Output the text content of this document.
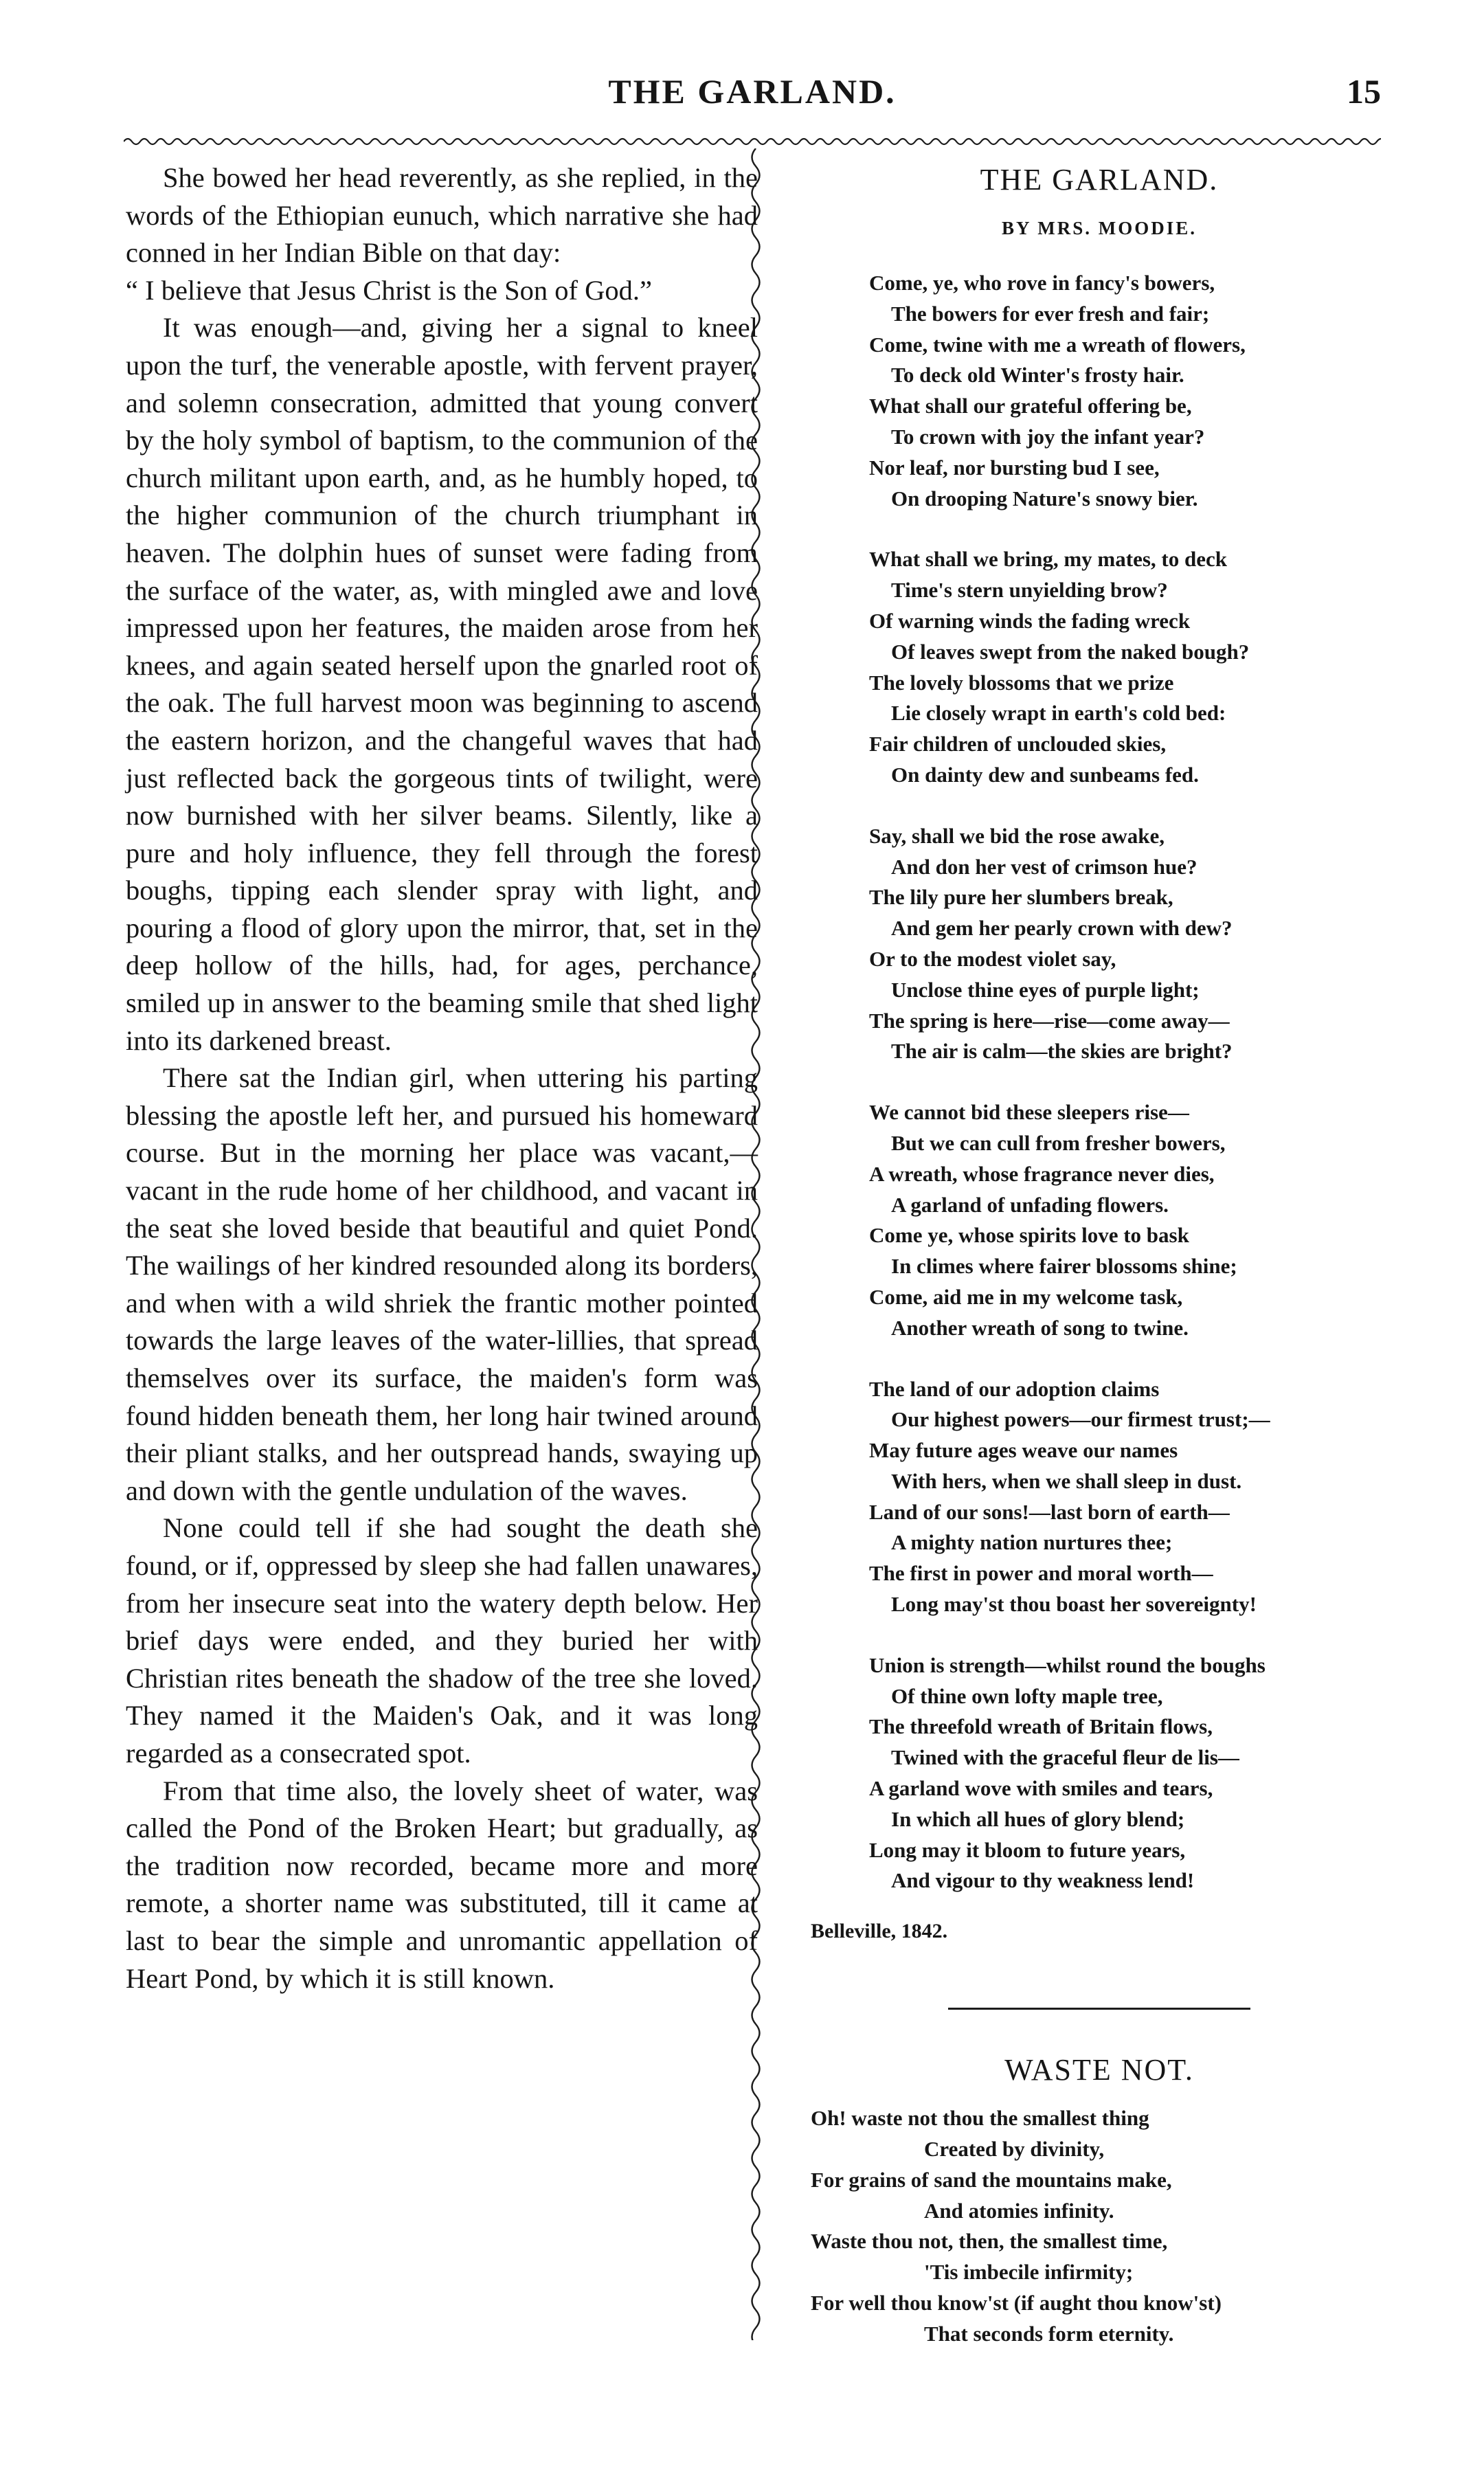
THE GARLAND.	15

She bowed her head reverently, as she replied, in the words of the Ethiopian eunuch, which narrative she had conned in her Indian Bible on that day:

“ I believe that Jesus Christ is the Son of God.”

It was enough—and, giving her a signal to kneel upon the turf, the venerable apostle, with fervent prayer, and solemn consecration, admitted that young convert by the holy symbol of baptism, to the communion of the church militant upon earth, and, as he humbly hoped, to the higher communion of the church triumphant in heaven. The dolphin hues of sunset were fading from the surface of the water, as, with mingled awe and love impressed upon her features, the maiden arose from her knees, and again seated herself upon the gnarled root of the oak. The full harvest moon was beginning to ascend the eastern horizon, and the changeful waves that had just reflected back the gorgeous tints of twilight, were now burnished with her silver beams. Silently, like a pure and holy influence, they fell through the forest boughs, tipping each slender spray with light, and pouring a flood of glory upon the mirror, that, set in the deep hollow of the hills, had, for ages, perchance, smiled up in answer to the beaming smile that shed light into its darkened breast.

There sat the Indian girl, when uttering his parting blessing the apostle left her, and pursued his homeward course. But in the morning her place was vacant,—vacant in the rude home of her childhood, and vacant in the seat she loved beside that beautiful and quiet Pond. The wailings of her kindred resounded along its borders, and when with a wild shriek the frantic mother pointed towards the large leaves of the water-lillies, that spread themselves over its surface, the maiden's form was found hidden beneath them, her long hair twined around their pliant stalks, and her outspread hands, swaying up and down with the gentle undulation of the waves.

None could tell if she had sought the death she found, or if, oppressed by sleep she had fallen unawares, from her insecure seat into the watery depth below. Her brief days were ended, and they buried her with Christian rites beneath the shadow of the tree she loved. They named it the Maiden's Oak, and it was long regarded as a consecrated spot.

From that time also, the lovely sheet of water, was called the Pond of the Broken Heart; but gradually, as the tradition now recorded, became more and more remote, a shorter name was substituted, till it came at last to bear the simple and unromantic appellation of Heart Pond, by which it is still known.

THE GARLAND.
BY MRS. MOODIE.
Come, ye, who rove in fancy's bowers,
The bowers for ever fresh and fair;
Come, twine with me a wreath of flowers,
To deck old Winter's frosty hair.
What shall our grateful offering be,
To crown with joy the infant year?
Nor leaf, nor bursting bud I see,
On drooping Nature's snowy bier.
What shall we bring, my mates, to deck
Time's stern unyielding brow?
Of warning winds the fading wreck
Of leaves swept from the naked bough?
The lovely blossoms that we prize
Lie closely wrapt in earth's cold bed:
Fair children of unclouded skies,
On dainty dew and sunbeams fed.
Say, shall we bid the rose awake,
And don her vest of crimson hue?
The lily pure her slumbers break,
And gem her pearly crown with dew?
Or to the modest violet say,
Unclose thine eyes of purple light;
The spring is here—rise—come away—
The air is calm—the skies are bright?
We cannot bid these sleepers rise—
But we can cull from fresher bowers,
A wreath, whose fragrance never dies,
A garland of unfading flowers.
Come ye, whose spirits love to bask
In climes where fairer blossoms shine;
Come, aid me in my welcome task,
Another wreath of song to twine.
The land of our adoption claims
Our highest powers—our firmest trust;—
May future ages weave our names
With hers, when we shall sleep in dust.
Land of our sons!—last born of earth—
A mighty nation nurtures thee;
The first in power and moral worth—
Long may'st thou boast her sovereignty!
Union is strength—whilst round the boughs
Of thine own lofty maple tree,
The threefold wreath of Britain flows,
Twined with the graceful fleur de lis—
A garland wove with smiles and tears,
In which all hues of glory blend;
Long may it bloom to future years,
And vigour to thy weakness lend!
Belleville, 1842.
WASTE NOT.
Oh! waste not thou the smallest thing
Created by divinity,
For grains of sand the mountains make,
And atomies infinity.
Waste thou not, then, the smallest time,
'Tis imbecile infirmity;
For well thou know'st (if aught thou know'st)
That seconds form eternity.
